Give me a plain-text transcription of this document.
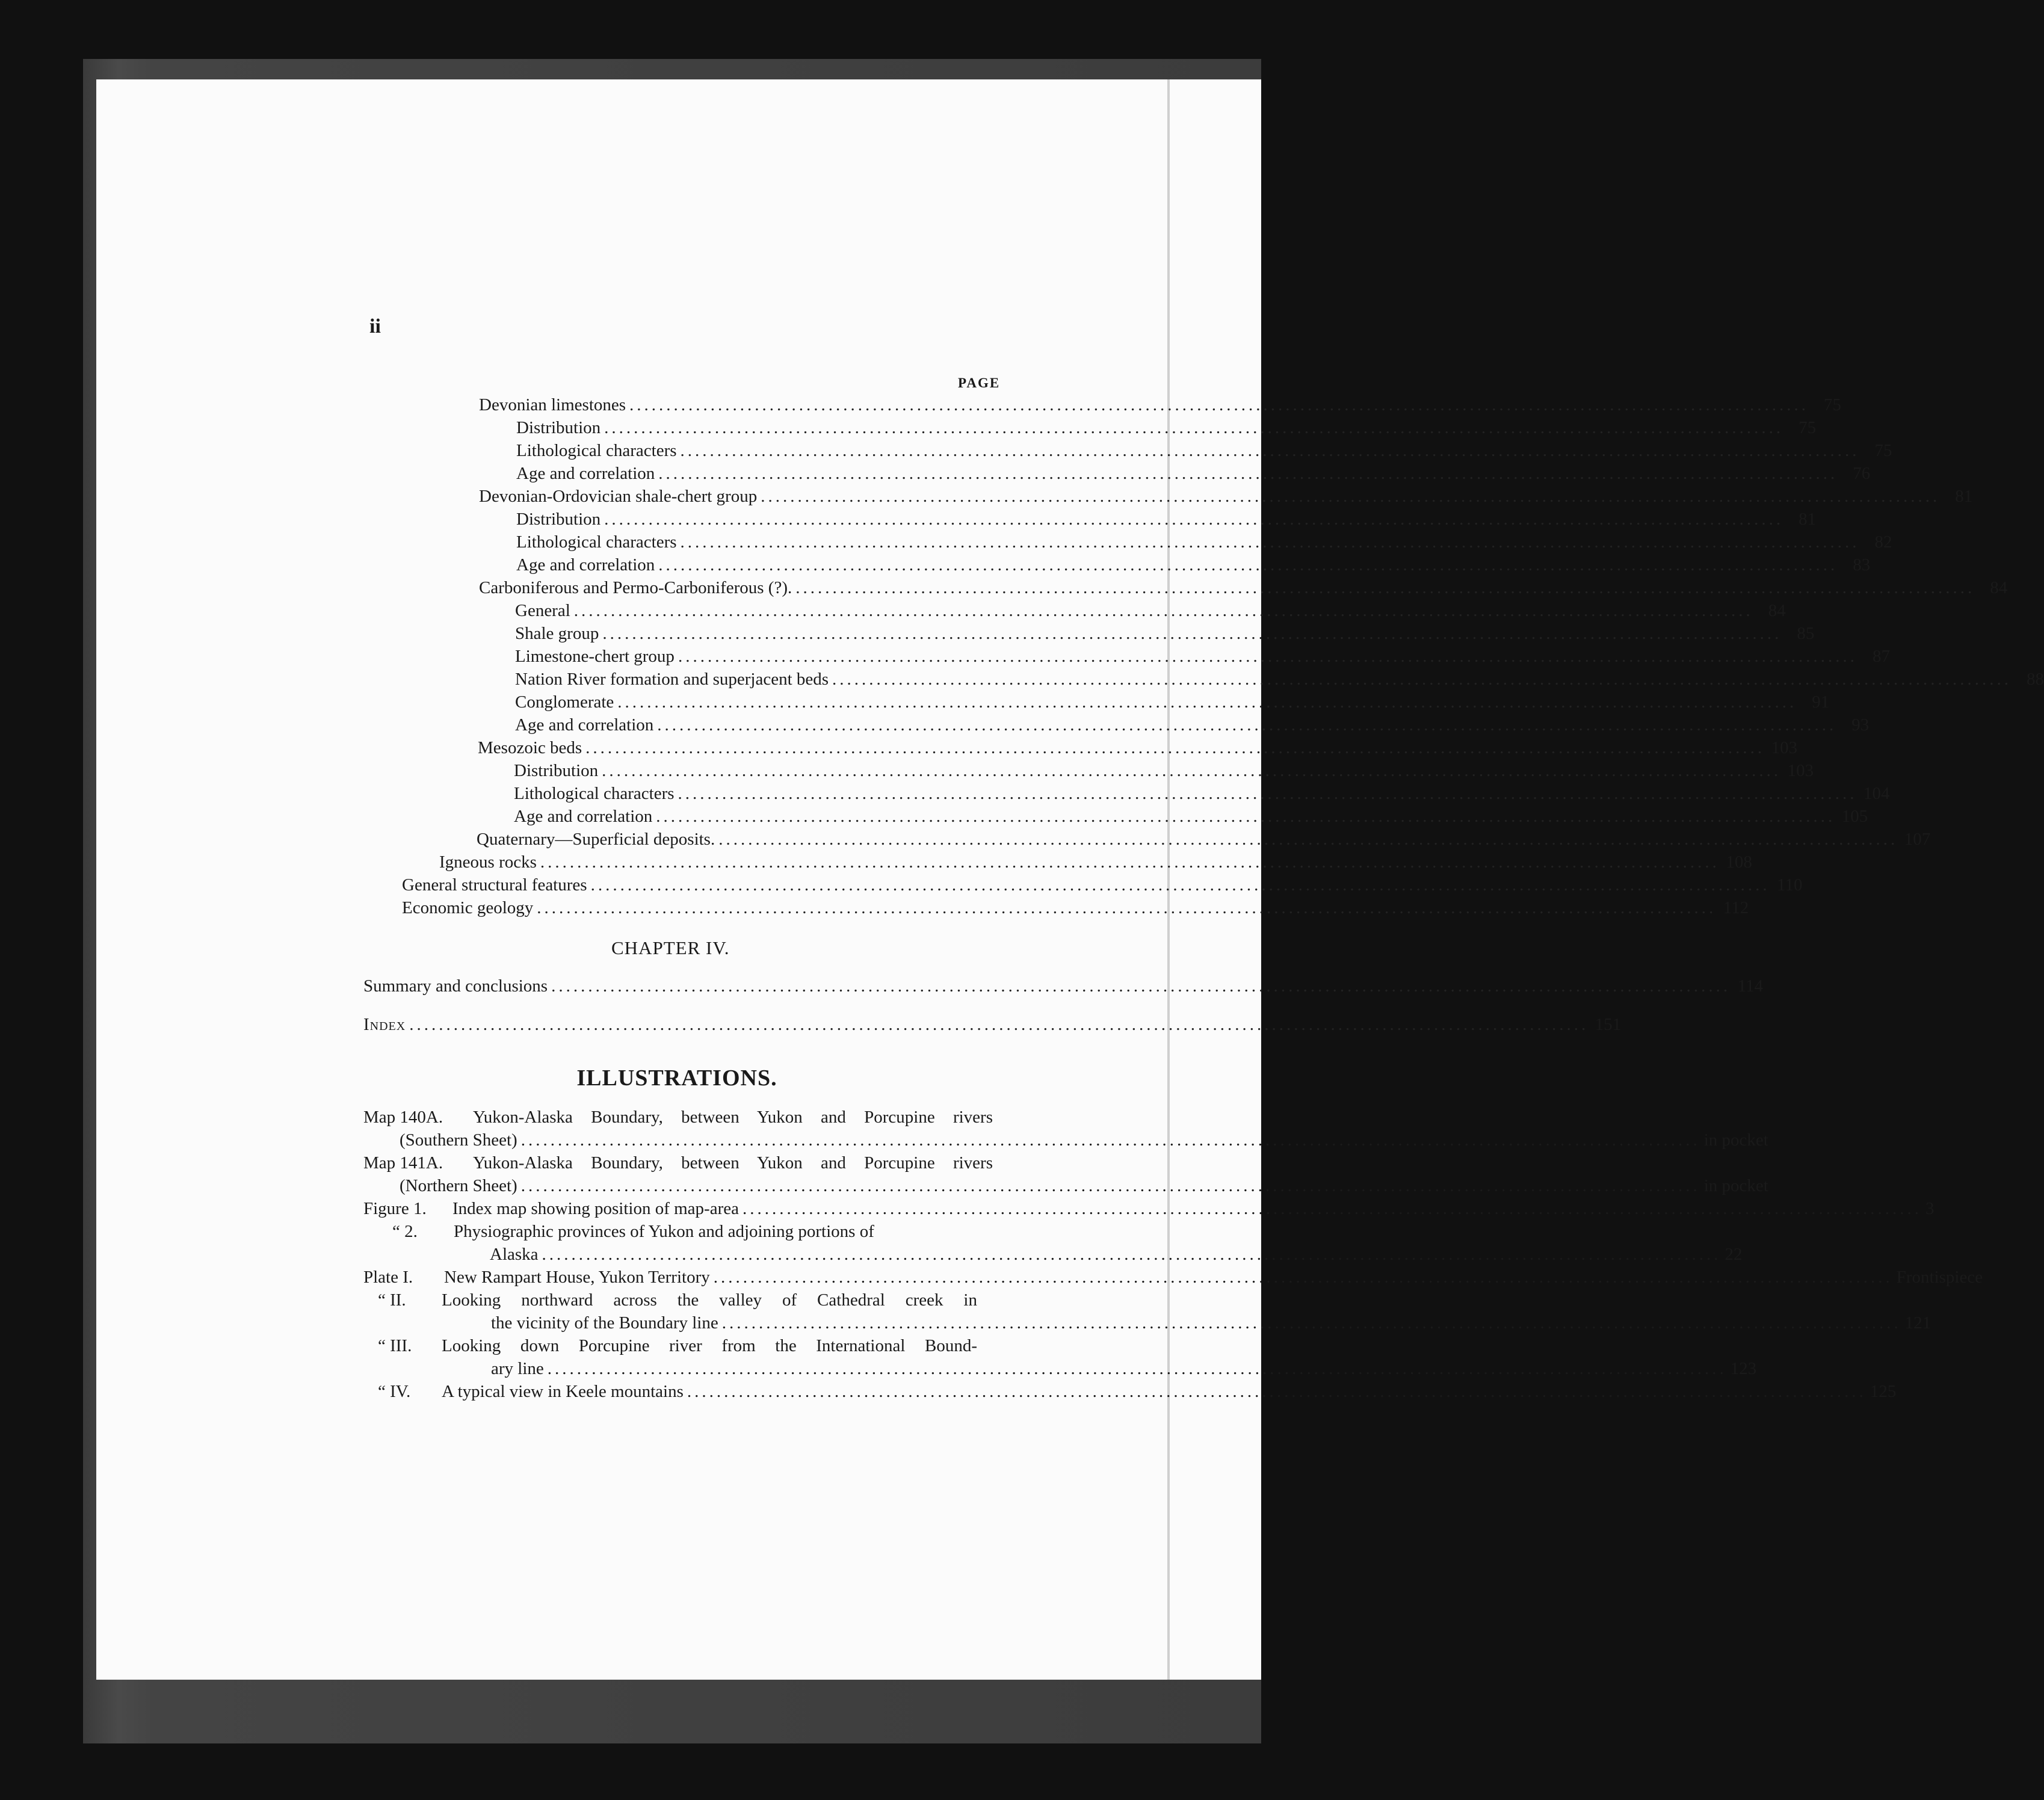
ii

PAGE
Devonian limestones ................................................................................................................................................................ 75
Distribution ................................................................................................................................................................ 75
Lithological characters ................................................................................................................................................................ 75
Age and correlation ................................................................................................................................................................ 76
Devonian-Ordovician shale-chert group ................................................................................................................................................................ 81
Distribution ................................................................................................................................................................ 81
Lithological characters ................................................................................................................................................................ 82
Age and correlation ................................................................................................................................................................ 83
Carboniferous and Permo-Carboniferous (?). ................................................................................................................................................................ 84
General ................................................................................................................................................................ 84
Shale group ................................................................................................................................................................ 85
Limestone-chert group ................................................................................................................................................................ 87
Nation River formation and superjacent beds ................................................................................................................................................................ 88
Conglomerate ................................................................................................................................................................ 91
Age and correlation ................................................................................................................................................................ 93
Mesozoic beds ................................................................................................................................................................ 103
Distribution ................................................................................................................................................................ 103
Lithological characters ................................................................................................................................................................ 104
Age and correlation ................................................................................................................................................................ 105
Quaternary—Superficial deposits. ................................................................................................................................................................ 107
Igneous rocks ................................................................................................................................................................ 108
General structural features ................................................................................................................................................................ 110
Economic geology ................................................................................................................................................................ 112
CHAPTER IV.
Summary and conclusions ................................................................................................................................................................ 114
Index ................................................................................................................................................................ 151
ILLUSTRATIONS.
Map 140A. Yukon-Alaska Boundary, between Yukon and Porcupine rivers
(Southern Sheet) ................................................................................................................................................................ in pocket
Map 141A. Yukon-Alaska Boundary, between Yukon and Porcupine rivers
(Northern Sheet) ................................................................................................................................................................ in pocket
Figure 1. Index map showing position of map-area ................................................................................................................................................................ 3
“ 2. Physiographic provinces of Yukon and adjoining portions of
Alaska ................................................................................................................................................................ 22
Plate I. New Rampart House, Yukon Territory ................................................................................................................................................................ Frontispiece
“ II. Looking northward across the valley of Cathedral creek in
the vicinity of the Boundary line ................................................................................................................................................................ 121
“ III. Looking down Porcupine river from the International Bound-
ary line ................................................................................................................................................................ 123
“ IV. A typical view in Keele mountains ................................................................................................................................................................ 125
